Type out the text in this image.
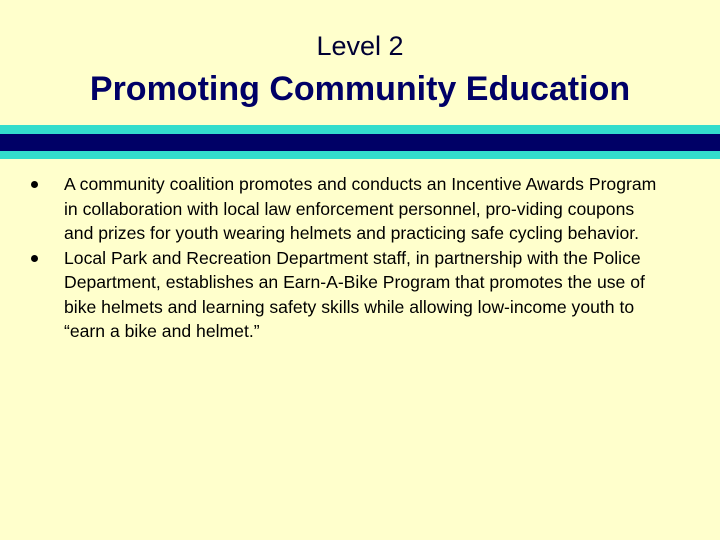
Level 2
Promoting Community Education
A community coalition promotes and conducts an Incentive Awards Program in collaboration with local law enforcement personnel, pro-viding coupons and prizes for youth wearing helmets and practicing safe cycling behavior.
Local Park and Recreation Department staff, in partnership with the Police Department, establishes an Earn-A-Bike Program that promotes the use of bike helmets and learning safety skills while allowing low-income youth to “earn a bike and helmet.”
